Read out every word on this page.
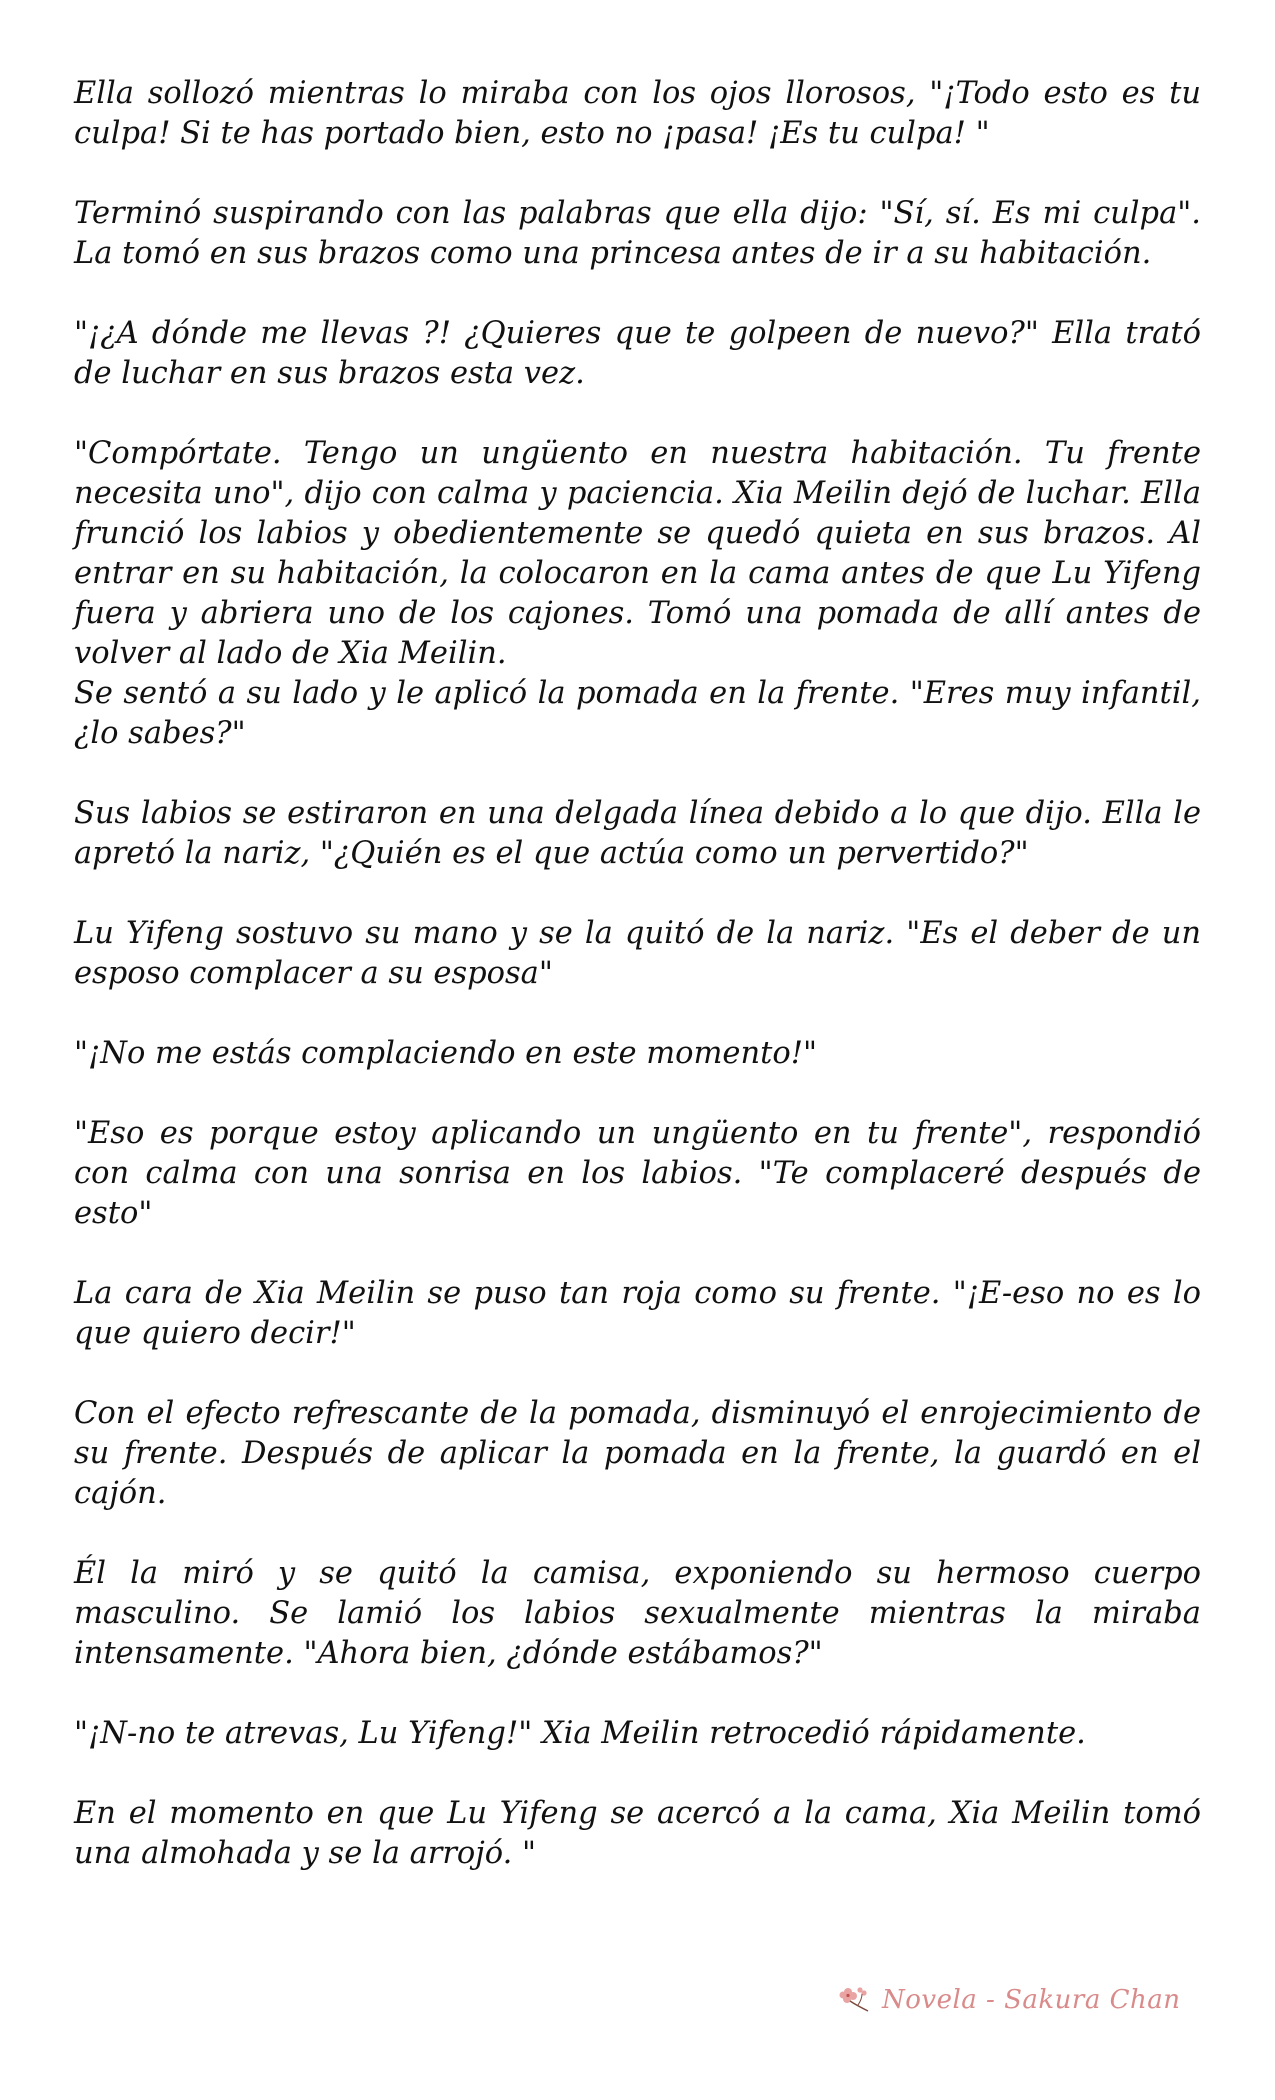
Ella sollozó mientras lo miraba con los ojos llorosos, "¡Todo esto es tu culpa! Si te has portado bien, esto no ¡pasa! ¡Es tu culpa! "

Terminó suspirando con las palabras que ella dijo: "Sí, sí. Es mi culpa". La tomó en sus brazos como una princesa antes de ir a su habitación.

"¡¿A dónde me llevas ?! ¿Quieres que te golpeen de nuevo?" Ella trató de luchar en sus brazos esta vez.

"Compórtate. Tengo un ungüento en nuestra habitación. Tu frente necesita uno", dijo con calma y paciencia. Xia Meilin dejó de luchar. Ella frunció los labios y obedientemente se quedó quieta en sus brazos. Al entrar en su habitación, la colocaron en la cama antes de que Lu Yifeng fuera y abriera uno de los cajones. Tomó una pomada de allí antes de volver al lado de Xia Meilin.

Se sentó a su lado y le aplicó la pomada en la frente. "Eres muy infantil, ¿lo sabes?"

Sus labios se estiraron en una delgada línea debido a lo que dijo. Ella le apretó la nariz, "¿Quién es el que actúa como un pervertido?"

Lu Yifeng sostuvo su mano y se la quitó de la nariz. "Es el deber de un esposo complacer a su esposa"

"¡No me estás complaciendo en este momento!"

"Eso es porque estoy aplicando un ungüento en tu frente", respondió con calma con una sonrisa en los labios. "Te complaceré después de esto"

La cara de Xia Meilin se puso tan roja como su frente. "¡E-eso no es lo que quiero decir!"

Con el efecto refrescante de la pomada, disminuyó el enrojecimiento de su frente. Después de aplicar la pomada en la frente, la guardó en el cajón.

Él la miró y se quitó la camisa, exponiendo su hermoso cuerpo masculino. Se lamió los labios sexualmente mientras la miraba intensamente. "Ahora bien, ¿dónde estábamos?"

"¡N-no te atrevas, Lu Yifeng!" Xia Meilin retrocedió rápidamente.

En el momento en que Lu Yifeng se acercó a la cama, Xia Meilin tomó una almohada y se la arrojó. "

Novela - Sakura Chan
